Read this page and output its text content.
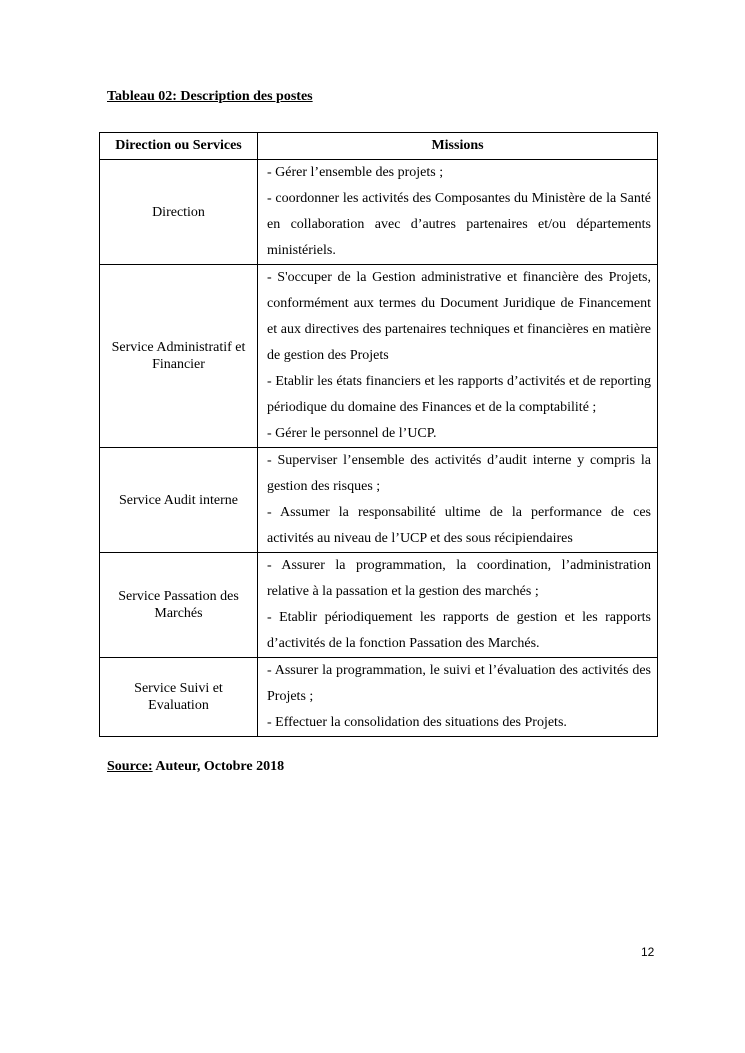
Tableau 02: Description des postes

Direction ou Services	Missions
Direction	- Gérer l’ensemble des projets ;

- coordonner les activités des Composantes du Ministère de la Santé en collaboration avec d’autres partenaires et/ou départements ministériels.

Service Administratif et Financier	- S'occuper de la Gestion administrative et financière des Projets, conformément aux termes du Document Juridique de Financement et aux directives des partenaires techniques et financières en matière de gestion des Projets

- Etablir les états financiers et les rapports d’activités et de reporting périodique du domaine des Finances et de la comptabilité ;

- Gérer le personnel de l’UCP.

Service Audit interne	- Superviser l’ensemble des activités d’audit interne y compris la gestion des risques ;

- Assumer la responsabilité ultime de la performance de ces activités au niveau de l’UCP et des sous récipiendaires

Service Passation des Marchés	- Assurer la programmation, la coordination, l’administration relative à la passation et la gestion des marchés ;

- Etablir périodiquement les rapports de gestion et les rapports d’activités de la fonction Passation des Marchés.

Service Suivi et Evaluation	- Assurer la programmation, le suivi et l’évaluation des activités des Projets ;

- Effectuer la consolidation des situations des Projets.

Source: Auteur, Octobre 2018

12
